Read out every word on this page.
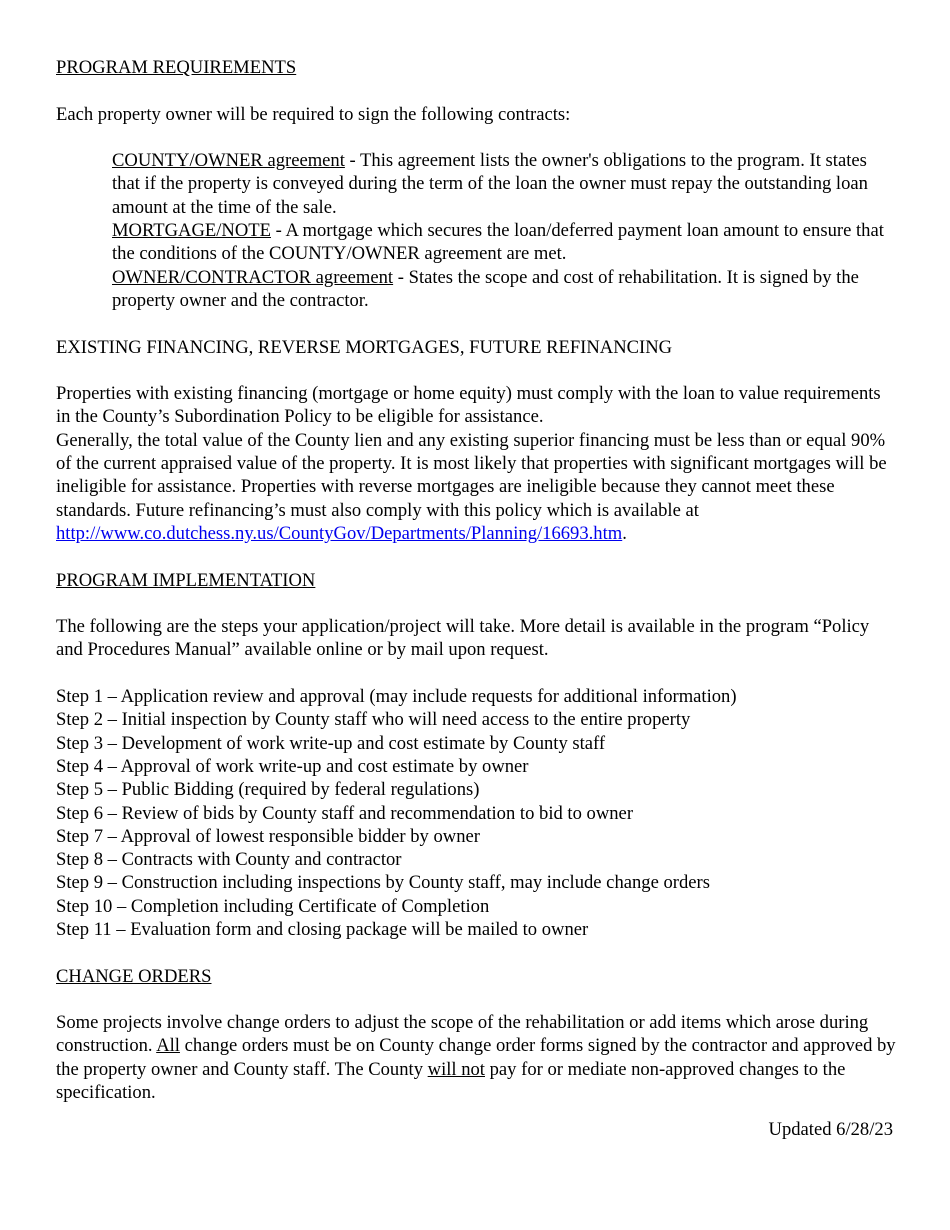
PROGRAM REQUIREMENTS

Each property owner will be required to sign the following contracts:

COUNTY/OWNER agreement - This agreement lists the owner's obligations to the program. It states that if the property is conveyed during the term of the loan the owner must repay the outstanding loan amount at the time of the sale.

MORTGAGE/NOTE - A mortgage which secures the loan/deferred payment loan amount to ensure that the conditions of the COUNTY/OWNER agreement are met.

OWNER/CONTRACTOR agreement - States the scope and cost of rehabilitation. It is signed by the property owner and the contractor.

EXISTING FINANCING, REVERSE MORTGAGES, FUTURE REFINANCING

Properties with existing financing (mortgage or home equity) must comply with the loan to value requirements in the County’s Subordination Policy to be eligible for assistance.

Generally, the total value of the County lien and any existing superior financing must be less than or equal 90% of the current appraised value of the property. It is most likely that properties with significant mortgages will be ineligible for assistance. Properties with reverse mortgages are ineligible because they cannot meet these standards. Future refinancing’s must also comply with this policy which is available at http://www.co.dutchess.ny.us/CountyGov/Departments/Planning/16693.htm.

PROGRAM IMPLEMENTATION

The following are the steps your application/project will take. More detail is available in the program “Policy and Procedures Manual” available online or by mail upon request.

Step 1 – Application review and approval (may include requests for additional information)
Step 2 – Initial inspection by County staff who will need access to the entire property
Step 3 – Development of work write-up and cost estimate by County staff
Step 4 – Approval of work write-up and cost estimate by owner
Step 5 – Public Bidding (required by federal regulations)
Step 6 – Review of bids by County staff and recommendation to bid to owner
Step 7 – Approval of lowest responsible bidder by owner
Step 8 – Contracts with County and contractor
Step 9 – Construction including inspections by County staff, may include change orders
Step 10 – Completion including Certificate of Completion
Step 11 – Evaluation form and closing package will be mailed to owner

CHANGE ORDERS

Some projects involve change orders to adjust the scope of the rehabilitation or add items which arose during construction. All change orders must be on County change order forms signed by the contractor and approved by the property owner and County staff. The County will not pay for or mediate non-approved changes to the specification.

Updated 6/28/23
